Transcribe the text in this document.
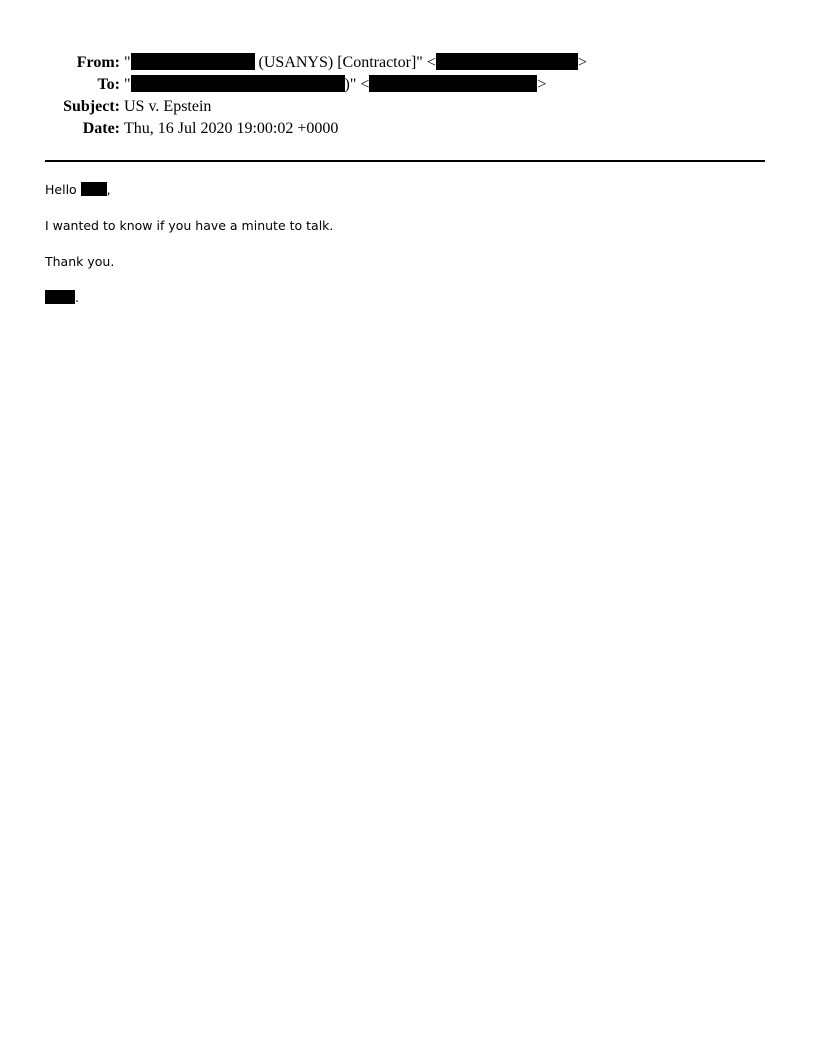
From: "	(USANYS) [Contractor]" <	>
To: "	)" <	>
Subject: US v. Epstein
Date: Thu, 16 Jul 2020 19:00:02 +0000
Hello ,
I wanted to know if you have a minute to talk.
Thank you.
.
